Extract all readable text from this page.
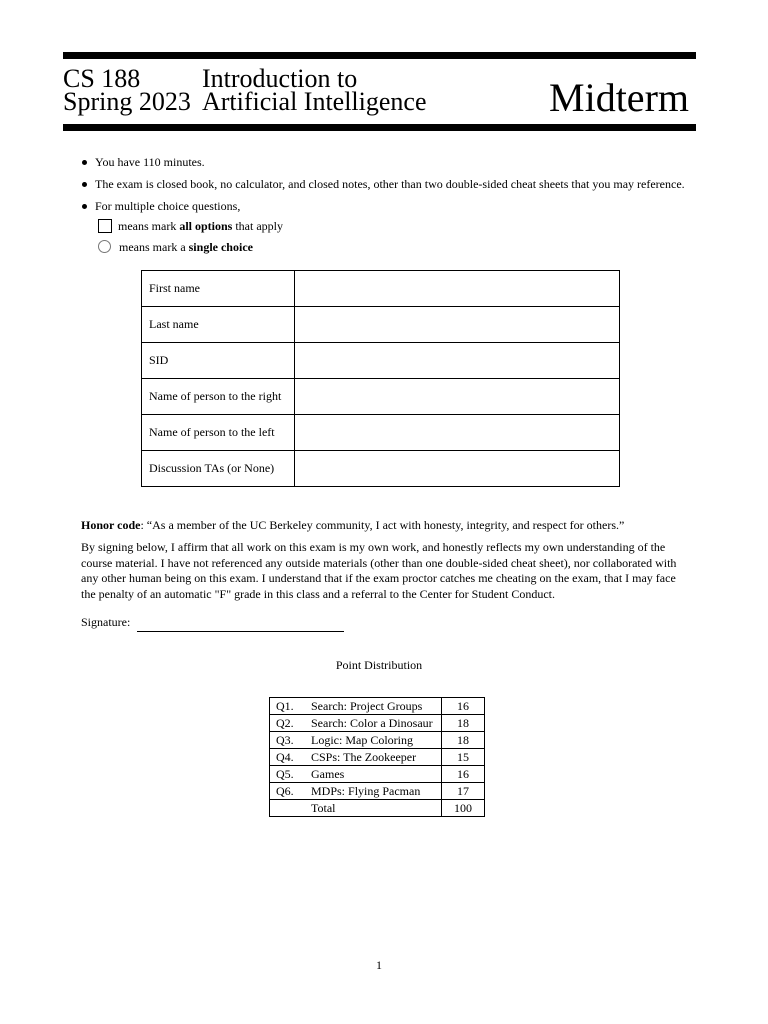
CS 188
Spring 2023
Introduction to
Artificial Intelligence	Midterm
You have 110 minutes.
The exam is closed book, no calculator, and closed notes, other than two double-sided cheat sheets that you may reference.
For multiple choice questions,
means mark all options that apply
means mark a single choice
First name	
Last name	
SID	
Name of person to the right	
Name of person to the left	
Discussion TAs (or None)	
Honor code: “As a member of the UC Berkeley community, I act with honesty, integrity, and respect for others.”
By signing below, I affirm that all work on this exam is my own work, and honestly reflects my own understanding of the course material. I have not referenced any outside materials (other than one double-sided cheat sheet), nor collaborated with any other human being on this exam. I understand that if the exam proctor catches me cheating on the exam, that I may face the penalty of an automatic "F" grade in this class and a referral to the Center for Student Conduct.
Signature:
Point Distribution
Q1.	Search: Project Groups	16
Q2.	Search: Color a Dinosaur	18
Q3.	Logic: Map Coloring	18
Q4.	CSPs: The Zookeeper	15
Q5.	Games	16
Q6.	MDPs: Flying Pacman	17
	Total	100
1
